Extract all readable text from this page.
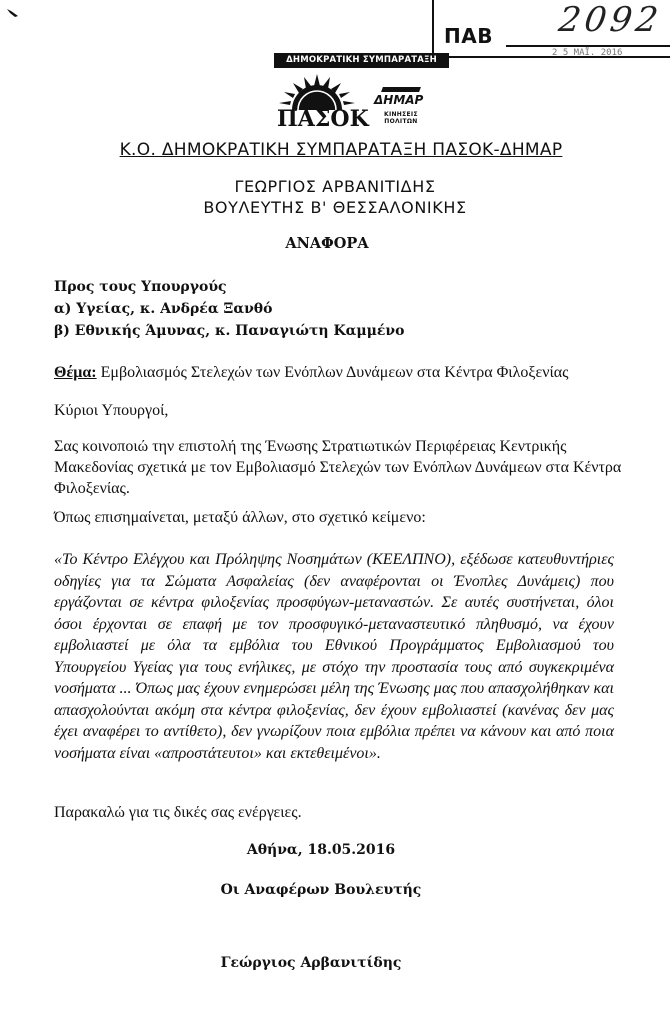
ΠΑΒ 2092
2 5 ΜΑΪ. 2016
ΔΗΜΟΚΡΑΤΙΚΗ ΣΥΜΠΑΡΑΤΑΞΗ
ΠΑΣΟΚ
ΔΗΜΑΡ
ΚΙΝΗΣΕΙΣ
ΠΟΛΙΤΩΝ
Κ.Ο. ΔΗΜΟΚΡΑΤΙΚΗ ΣΥΜΠΑΡΑΤΑΞΗ ΠΑΣΟΚ-ΔΗΜΑΡ
ΓΕΩΡΓΙΟΣ ΑΡΒΑΝΙΤΙΔΗΣ
ΒΟΥΛΕΥΤΗΣ Β' ΘΕΣΣΑΛΟΝΙΚΗΣ
ΑΝΑΦΟΡΑ
Προς τους Υπουργούς
α) Υγείας, κ. Ανδρέα Ξανθό
β) Εθνικής Άμυνας, κ. Παναγιώτη Καμμένο
Θέμα: Εμβολιασμός Στελεχών των Ενόπλων Δυνάμεων στα Κέντρα Φιλοξενίας
Κύριοι Υπουργοί,
Σας κοινοποιώ την επιστολή της Ένωσης Στρατιωτικών Περιφέρειας Κεντρικής Μακεδονίας σχετικά με τον Εμβολιασμό Στελεχών των Ενόπλων Δυνάμεων στα Κέντρα Φιλοξενίας.
Όπως επισημαίνεται, μεταξύ άλλων, στο σχετικό κείμενο:
«Το Κέντρο Ελέγχου και Πρόληψης Νοσημάτων (ΚΕΕΛΠΝΟ), εξέδωσε κατευθυντήριες οδηγίες για τα Σώματα Ασφαλείας (δεν αναφέρονται οι Ένοπλες Δυνάμεις) που εργάζονται σε κέντρα φιλοξενίας προσφύγων-μεταναστών. Σε αυτές συστήνεται, όλοι όσοι έρχονται σε επαφή με τον προσφυγικό-μεταναστευτικό πληθυσμό, να έχουν εμβολιαστεί με όλα τα εμβόλια του Εθνικού Προγράμματος Εμβολιασμού του Υπουργείου Υγείας για τους ενήλικες, με στόχο την προστασία τους από συγκεκριμένα νοσήματα ... Όπως μας έχουν ενημερώσει μέλη της Ένωσης μας που απασχολήθηκαν και απασχολούνται ακόμη στα κέντρα φιλοξενίας, δεν έχουν εμβολιαστεί (κανένας δεν μας έχει αναφέρει το αντίθετο), δεν γνωρίζουν ποια εμβόλια πρέπει να κάνουν και από ποια νοσήματα είναι «απροστάτευτοι» και εκτεθειμένοι».
Παρακαλώ για τις δικές σας ενέργειες.
Αθήνα, 18.05.2016
Οι Αναφέρων Βουλευτής
Γεώργιος Αρβανιτίδης
